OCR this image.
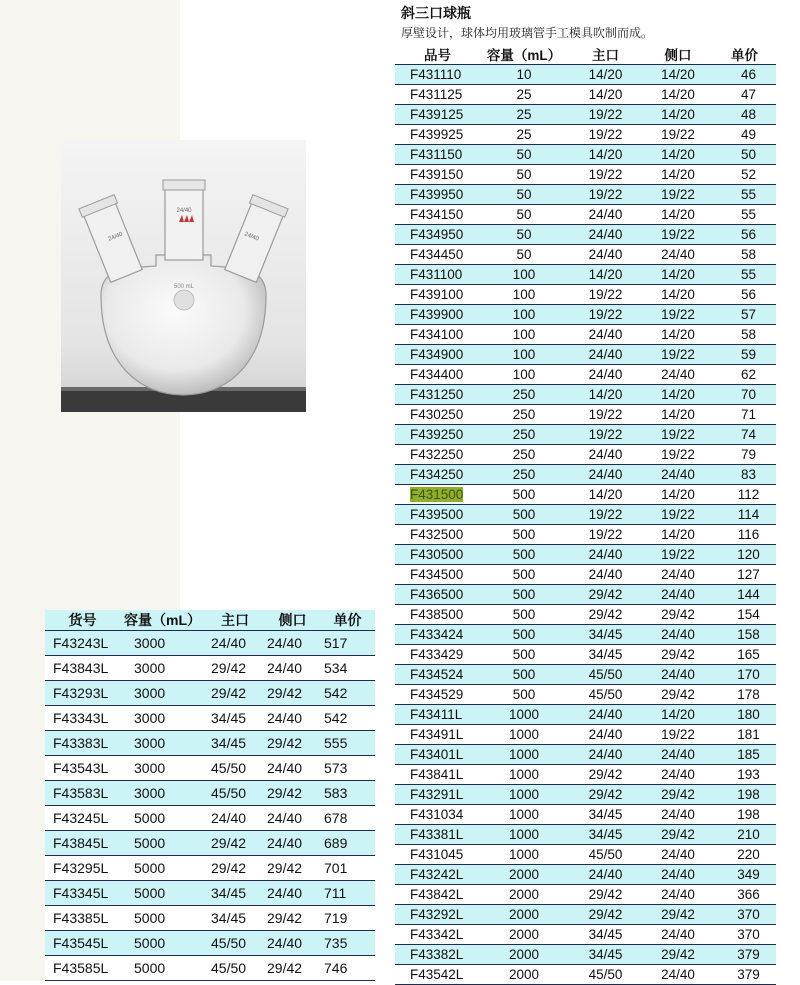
24/40
24/40	24/40
500 mL
斜三口球瓶
厚壁设计，球体均用玻璃管手工模具吹制而成。
品号	容量（mL）	主口	侧口	单价
F431110	10	14/20	14/20	46
F431125	25	14/20	14/20	47
F439125	25	19/22	14/20	48
F439925	25	19/22	19/22	49
F431150	50	14/20	14/20	50
F439150	50	19/22	14/20	52
F439950	50	19/22	19/22	55
F434150	50	24/40	14/20	55
F434950	50	24/40	19/22	56
F434450	50	24/40	24/40	58
F431100	100	14/20	14/20	55
F439100	100	19/22	14/20	56
F439900	100	19/22	19/22	57
F434100	100	24/40	14/20	58
F434900	100	24/40	19/22	59
F434400	100	24/40	24/40	62
F431250	250	14/20	14/20	70
F430250	250	19/22	14/20	71
F439250	250	19/22	19/22	74
F432250	250	24/40	19/22	79
F434250	250	24/40	24/40	83
F431500	500	14/20	14/20	112
F439500	500	19/22	19/22	114
F432500	500	19/22	14/20	116
F430500	500	24/40	19/22	120
F434500	500	24/40	24/40	127
F436500	500	29/42	24/40	144
F438500	500	29/42	29/42	154
F433424	500	34/45	24/40	158
F433429	500	34/45	29/42	165
F434524	500	45/50	24/40	170
F434529	500	45/50	29/42	178
F43411L	1000	24/40	14/20	180
F43491L	1000	24/40	19/22	181
F43401L	1000	24/40	24/40	185
F43841L	1000	29/42	24/40	193
F43291L	1000	29/42	29/42	198
F431034	1000	34/45	24/40	198
F43381L	1000	34/45	29/42	210
F431045	1000	45/50	24/40	220
F43242L	2000	24/40	24/40	349
F43842L	2000	29/42	24/40	366
F43292L	2000	29/42	29/42	370
F43342L	2000	34/45	24/40	370
F43382L	2000	34/45	29/42	379
F43542L	2000	45/50	24/40	379
货号	容量（mL）	主口	侧口	单价
F43243L	3000	24/40	24/40	517
F43843L	3000	29/42	24/40	534
F43293L	3000	29/42	29/42	542
F43343L	3000	34/45	24/40	542
F43383L	3000	34/45	29/42	555
F43543L	3000	45/50	24/40	573
F43583L	3000	45/50	29/42	583
F43245L	5000	24/40	24/40	678
F43845L	5000	29/42	24/40	689
F43295L	5000	29/42	29/42	701
F43345L	5000	34/45	24/40	711
F43385L	5000	34/45	29/42	719
F43545L	5000	45/50	24/40	735
F43585L	5000	45/50	29/42	746
